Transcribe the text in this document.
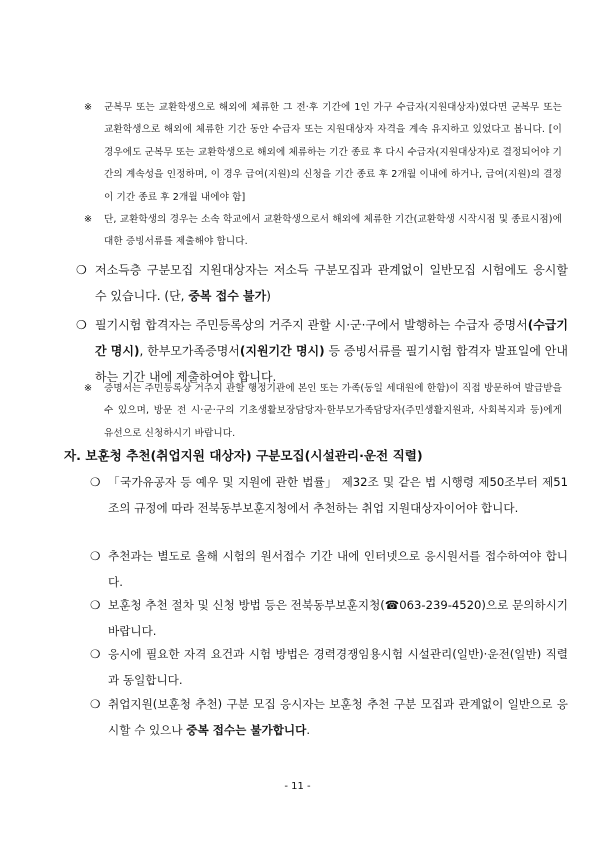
※ 군복무 또는 교환학생으로 해외에 체류한 그 전·후 기간에 1인 가구 수급자(지원대상자)였다면 군복무 또는 교환학생으로 해외에 체류한 기간 동안 수급자 또는 지원대상자 자격을 계속 유지하고 있었다고 봅니다. [이 경우에도 군복무 또는 교환학생으로 해외에 체류하는 기간 종료 후 다시 수급자(지원대상자)로 결정되어야 기간의 계속성을 인정하며, 이 경우 급여(지원)의 신청을 기간 종료 후 2개월 이내에 하거나, 급여(지원)의 결정이 기간 종료 후 2개월 내에야 함]
※ 단, 교환학생의 경우는 소속 학교에서 교환학생으로서 해외에 체류한 기간(교환학생 시작시점 및 종료시점)에 대한 증빙서류를 제출해야 합니다.
❍ 저소득층 구분모집 지원대상자는 저소득 구분모집과 관계없이 일반모집 시험에도 응시할 수 있습니다. (단, 중복 접수 불가)
❍ 필기시험 합격자는 주민등록상의 거주지 관할 시·군·구에서 발행하는 수급자 증명서(수급기간 명시), 한부모가족증명서(지원기간 명시) 등 증빙서류를 필기시험 합격자 발표일에 안내하는 기간 내에 제출하여야 합니다.
※ 증명서는 주민등록상 거주지 관할 행정기관에 본인 또는 가족(동일 세대원에 한함)이 직접 방문하여 발급받을 수 있으며, 방문 전 시·군·구의 기초생활보장담당자·한부모가족담당자(주민생활지원과, 사회복지과 등)에게 유선으로 신청하시기 바랍니다.
자. 보훈청 추천(취업지원 대상자) 구분모집(시설관리·운전 직렬)
❍ 「국가유공자 등 예우 및 지원에 관한 법률」 제32조 및 같은 법 시행령 제50조부터 제51조의 규정에 따라 전북동부보훈지청에서 추천하는 취업 지원대상자이어야 합니다.
❍ 추천과는 별도로 올해 시험의 원서접수 기간 내에 인터넷으로 응시원서를 접수하여야 합니다.
❍ 보훈청 추천 절차 및 신청 방법 등은 전북동부보훈지청(☎063-239-4520)으로 문의하시기 바랍니다.
❍ 응시에 필요한 자격 요건과 시험 방법은 경력경쟁임용시험 시설관리(일반)·운전(일반) 직렬과 동일합니다.
❍ 취업지원(보훈청 추천) 구분 모집 응시자는 보훈청 추천 구분 모집과 관계없이 일반으로 응시할 수 있으나 중복 접수는 불가합니다.
- 11 -
